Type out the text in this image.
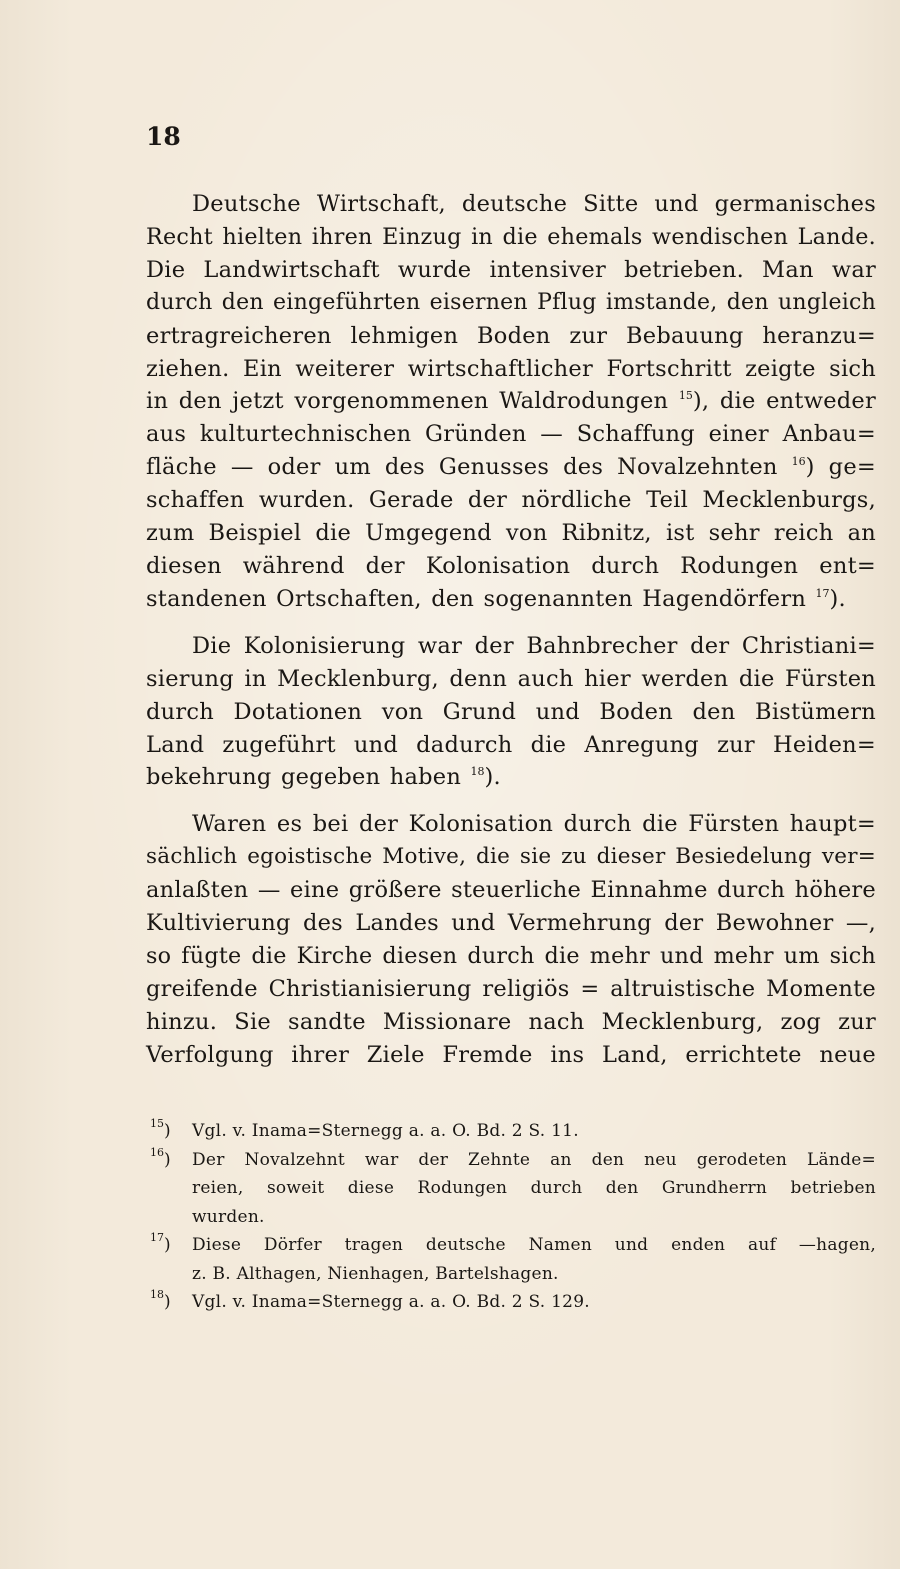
18

Deutsche Wirtschaft, deutsche Sitte und germanisches
Recht hielten ihren Einzug in die ehemals wendischen Lande.
Die Landwirtschaft wurde intensiver betrieben. Man war
durch den eingeführten eisernen Pflug imstande, den ungleich
ertragreicheren lehmigen Boden zur Bebauung heranzu=
ziehen. Ein weiterer wirtschaftlicher Fortschritt zeigte sich
in den jetzt vorgenommenen Waldrodungen $^{15}$), die entweder
aus kulturtechnischen Gründen — Schaffung einer Anbau=
fläche — oder um des Genusses des Novalzehnten $^{16}$) ge=
schaffen wurden. Gerade der nördliche Teil Mecklenburgs,
zum Beispiel die Umgegend von Ribnitz, ist sehr reich an
diesen während der Kolonisation durch Rodungen ent=
standenen Ortschaften, den sogenannten Hagendörfern $^{17}$).

Die Kolonisierung war der Bahnbrecher der Christiani=
sierung in Mecklenburg, denn auch hier werden die Fürsten
durch Dotationen von Grund und Boden den Bistümern
Land zugeführt und dadurch die Anregung zur Heiden=
bekehrung gegeben haben $^{18}$).

Waren es bei der Kolonisation durch die Fürsten haupt=
sächlich egoistische Motive, die sie zu dieser Besiedelung ver=
anlaßten — eine größere steuerliche Einnahme durch höhere
Kultivierung des Landes und Vermehrung der Bewohner —,
so fügte die Kirche diesen durch die mehr und mehr um sich
greifende Christianisierung religiös = altruistische Momente
hinzu. Sie sandte Missionare nach Mecklenburg, zog zur
Verfolgung ihrer Ziele Fremde ins Land, errichtete neue

$^{15}$) Vgl. v. Inama=Sternegg a. a. O. Bd. 2 S. 11.
$^{16}$) Der Novalzehnt war der Zehnte an den neu gerodeten Lände=
reien, soweit diese Rodungen durch den Grundherrn betrieben
wurden.
$^{17}$) Diese Dörfer tragen deutsche Namen und enden auf —hagen,
z. B. Althagen, Nienhagen, Bartelshagen.
$^{18}$) Vgl. v. Inama=Sternegg a. a. O. Bd. 2 S. 129.
